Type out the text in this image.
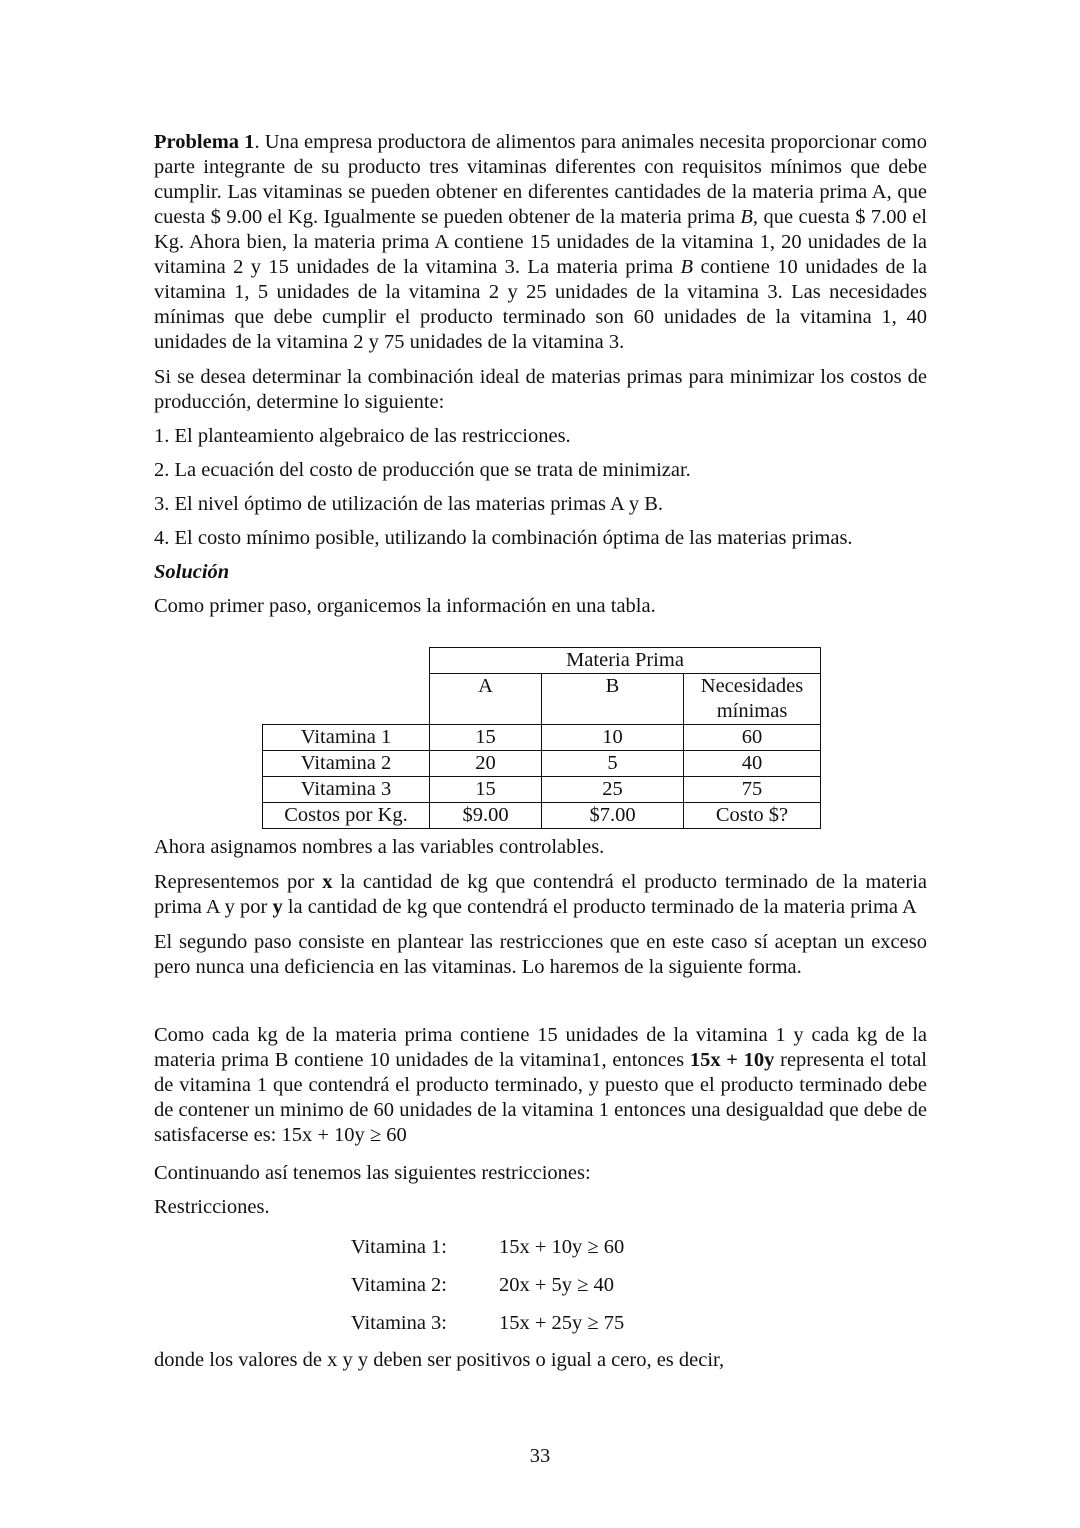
Problema 1. Una empresa productora de alimentos para animales necesita proporcionar como parte integrante de su producto tres vitaminas diferentes con requisitos mínimos que debe cumplir. Las vitaminas se pueden obtener en diferentes cantidades de la materia prima A, que cuesta $ 9.00 el Kg. Igualmente se pueden obtener de la materia prima B, que cuesta $ 7.00 el Kg. Ahora bien, la materia prima A contiene 15 unidades de la vitamina 1, 20 unidades de la vitamina 2 y 15 unidades de la vitamina 3. La materia prima B contiene 10 unidades de la vitamina 1, 5 unidades de la vitamina 2 y 25 unidades de la vitamina 3. Las necesidades mínimas que debe cumplir el producto terminado son 60 unidades de la vitamina 1, 40 unidades de la vitamina 2 y 75 unidades de la vitamina 3.

Si se desea determinar la combinación ideal de materias primas para minimizar los costos de producción, determine lo siguiente:

1. El planteamiento algebraico de las restricciones.

2. La ecuación del costo de producción que se trata de minimizar.

3. El nivel óptimo de utilización de las materias primas A y B.

4. El costo mínimo posible, utilizando la combinación óptima de las materias primas.

Solución

Como primer paso, organicemos la información en una tabla.

	Materia Prima		
	A	B	Necesidades mínimas
Vitamina 1	15	10	60
Vitamina 2	20	5	40
Vitamina 3	15	25	75
Costos por Kg.	$9.00	$7.00	Costo $?

Ahora asignamos nombres a las variables controlables.

Representemos por x la cantidad de kg que contendrá el producto terminado de la materia prima A y por y la cantidad de kg que contendrá el producto terminado de la materia prima A

El segundo paso consiste en plantear las restricciones que en este caso sí aceptan un exceso pero nunca una deficiencia en las vitaminas. Lo haremos de la siguiente forma.

Como cada kg de la materia prima contiene 15 unidades de la vitamina 1 y cada kg de la materia prima B contiene 10 unidades de la vitamina1, entonces 15x + 10y representa el total de vitamina 1 que contendrá el producto terminado, y puesto que el producto terminado debe de contener un minimo de 60 unidades de la vitamina 1 entonces una desigualdad que debe de satisfacerse es: 15x + 10y ≥ 60

Continuando así tenemos las siguientes restricciones:

Restricciones.

Vitamina 1:	15x + 10y ≥ 60
Vitamina 2:	20x + 5y ≥ 40
Vitamina 3:	15x + 25y ≥ 75

donde los valores de x y y deben ser positivos o igual a cero, es decir,

33
